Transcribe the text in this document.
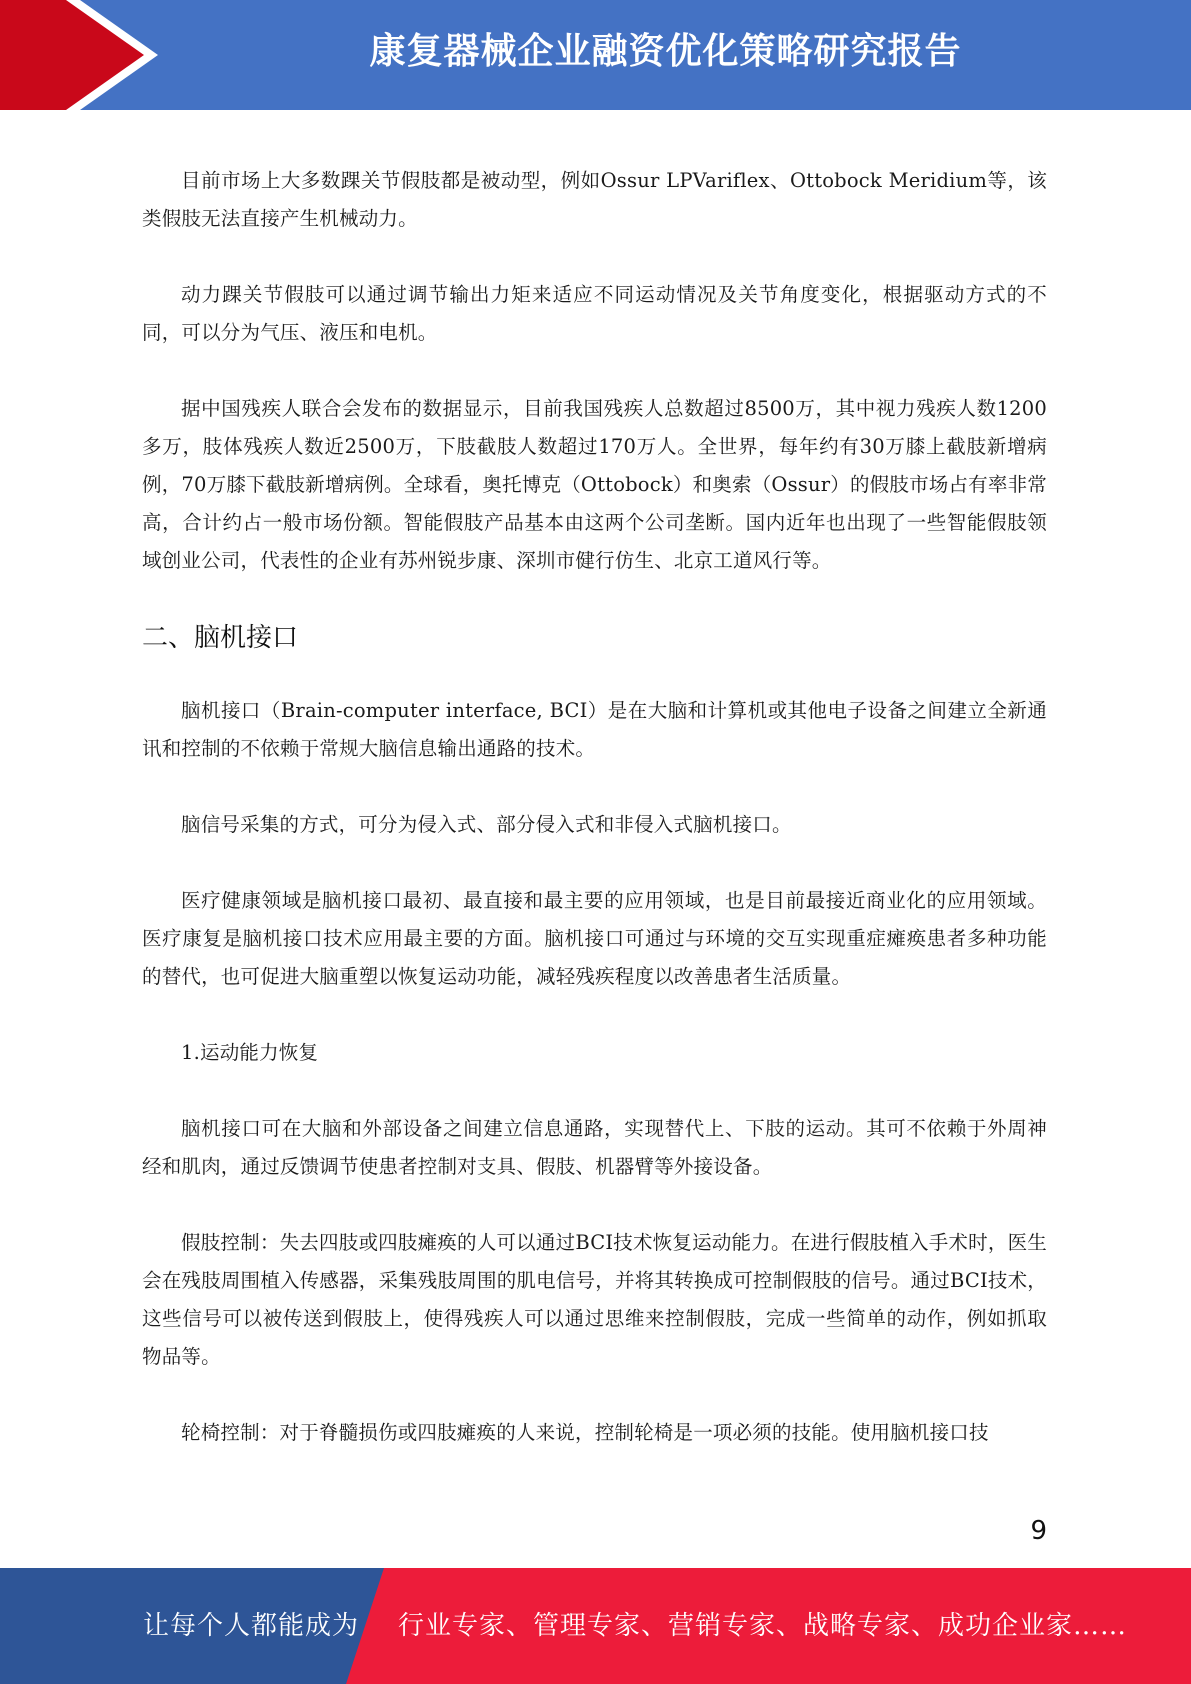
康复器械企业融资优化策略研究报告

目前市场上大多数踝关节假肢都是被动型，例如Ossur LPVariflex、Ottobock Meridium等，该类假肢无法直接产生机械动力。

动力踝关节假肢可以通过调节输出力矩来适应不同运动情况及关节角度变化，根据驱动方式的不同，可以分为气压、液压和电机。

据中国残疾人联合会发布的数据显示，目前我国残疾人总数超过8500万，其中视力残疾人数1200多万，肢体残疾人数近2500万，下肢截肢人数超过170万人。全世界，每年约有30万膝上截肢新增病例，70万膝下截肢新增病例。全球看，奥托博克（Ottobock）和奥索（Ossur）的假肢市场占有率非常高，合计约占一般市场份额。智能假肢产品基本由这两个公司垄断。国内近年也出现了一些智能假肢领域创业公司，代表性的企业有苏州锐步康、深圳市健行仿生、北京工道风行等。

二、脑机接口

脑机接口（Brain-computer interface, BCI）是在大脑和计算机或其他电子设备之间建立全新通讯和控制的不依赖于常规大脑信息输出通路的技术。

脑信号采集的方式，可分为侵入式、部分侵入式和非侵入式脑机接口。

医疗健康领域是脑机接口最初、最直接和最主要的应用领域，也是目前最接近商业化的应用领域。医疗康复是脑机接口技术应用最主要的方面。脑机接口可通过与环境的交互实现重症瘫痪患者多种功能的替代，也可促进大脑重塑以恢复运动功能，减轻残疾程度以改善患者生活质量。

1.运动能力恢复

脑机接口可在大脑和外部设备之间建立信息通路，实现替代上、下肢的运动。其可不依赖于外周神经和肌肉，通过反馈调节使患者控制对支具、假肢、机器臂等外接设备。

假肢控制：失去四肢或四肢瘫痪的人可以通过BCI技术恢复运动能力。在进行假肢植入手术时，医生会在残肢周围植入传感器，采集残肢周围的肌电信号，并将其转换成可控制假肢的信号。通过BCI技术，这些信号可以被传送到假肢上，使得残疾人可以通过思维来控制假肢，完成一些简单的动作，例如抓取物品等。

轮椅控制：对于脊髓损伤或四肢瘫痪的人来说，控制轮椅是一项必须的技能。使用脑机接口技

9
让每个人都能成为 行业专家、管理专家、营销专家、战略专家、成功企业家……
